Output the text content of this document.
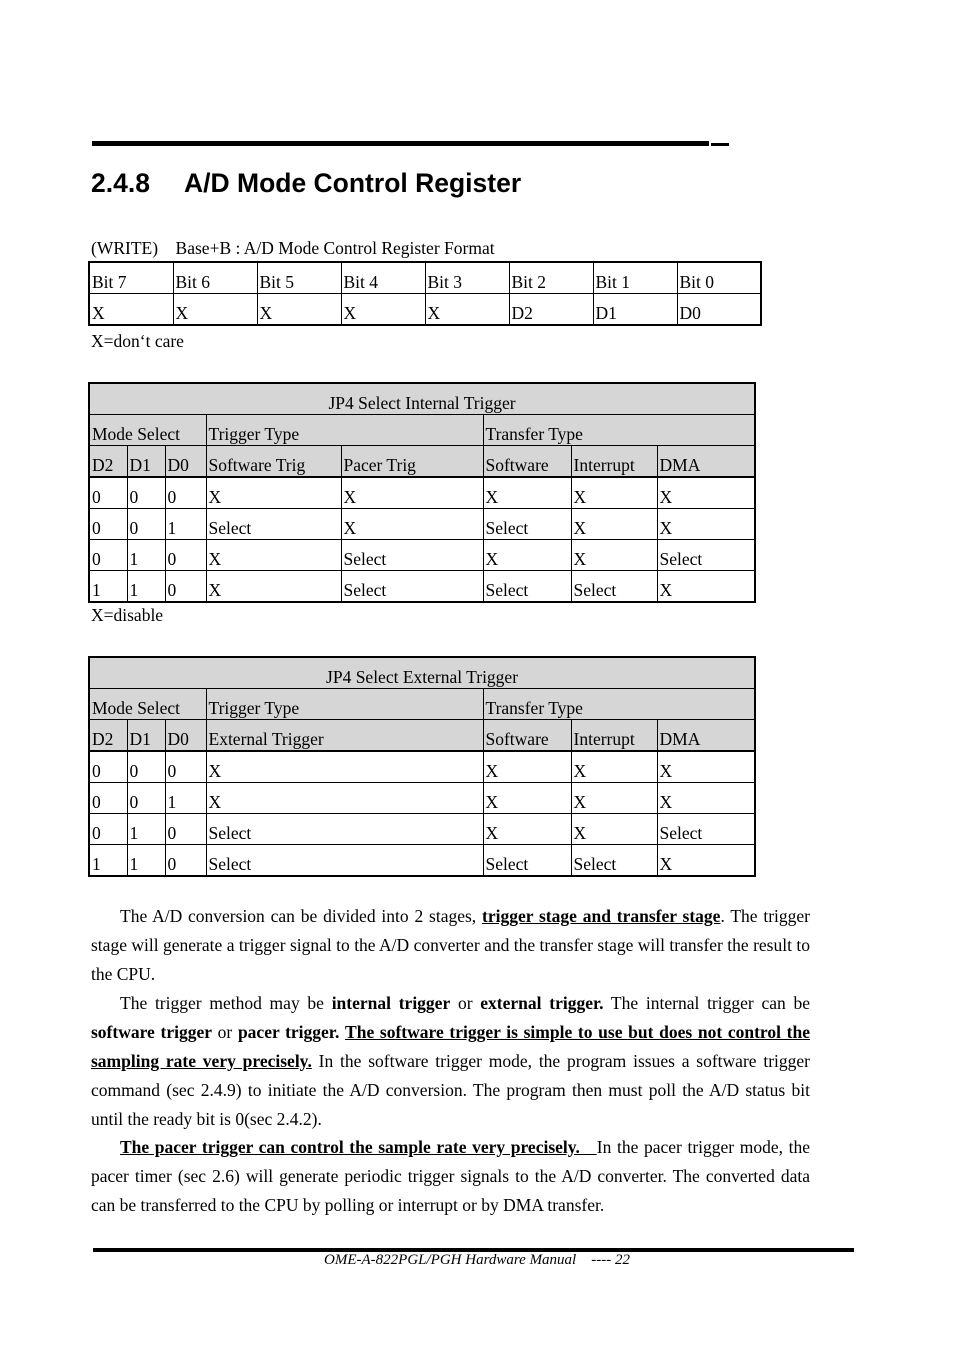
2.4.8 A/D Mode Control Register
(WRITE)    Base+B : A/D Mode Control Register Format
Bit 7	Bit 6	Bit 5	Bit 4	Bit 3	Bit 2	Bit 1	Bit 0
X	X	X	X	X	D2	D1	D0
X=don‘t care
JP4 Select Internal Trigger							
Mode Select			Trigger Type		Transfer Type		
D2	D1	D0	Software Trig	Pacer Trig	Software	Interrupt	DMA
0	0	0	X	X	X	X	X
0	0	1	Select	X	Select	X	X
0	1	0	X	Select	X	X	Select
1	1	0	X	Select	Select	Select	X
X=disable
JP4 Select External Trigger						
Mode Select			Trigger Type	Transfer Type		
D2	D1	D0	External Trigger	Software	Interrupt	DMA
0	0	0	X	X	X	X
0	0	1	X	X	X	X
0	1	0	Select	X	X	Select
1	1	0	Select	Select	Select	X

The A/D conversion can be divided into 2 stages, trigger stage and transfer stage. The trigger stage will generate a trigger signal to the A/D converter and the transfer stage will transfer the result to the CPU.

The trigger method may be internal trigger or external trigger. The internal trigger can be software trigger or pacer trigger. The software trigger is simple to use but does not control the sampling rate very precisely. In the software trigger mode, the program issues a software trigger command (sec 2.4.9) to initiate the A/D conversion. The program then must poll the A/D status bit until the ready bit is 0(sec 2.4.2).

The pacer trigger can control the sample rate very precisely.   In the pacer trigger mode, the pacer timer (sec 2.6) will generate periodic trigger signals to the A/D converter. The converted data can be transferred to the CPU by polling or interrupt or by DMA transfer.

OME-A-822PGL/PGH Hardware Manual ---- 22
